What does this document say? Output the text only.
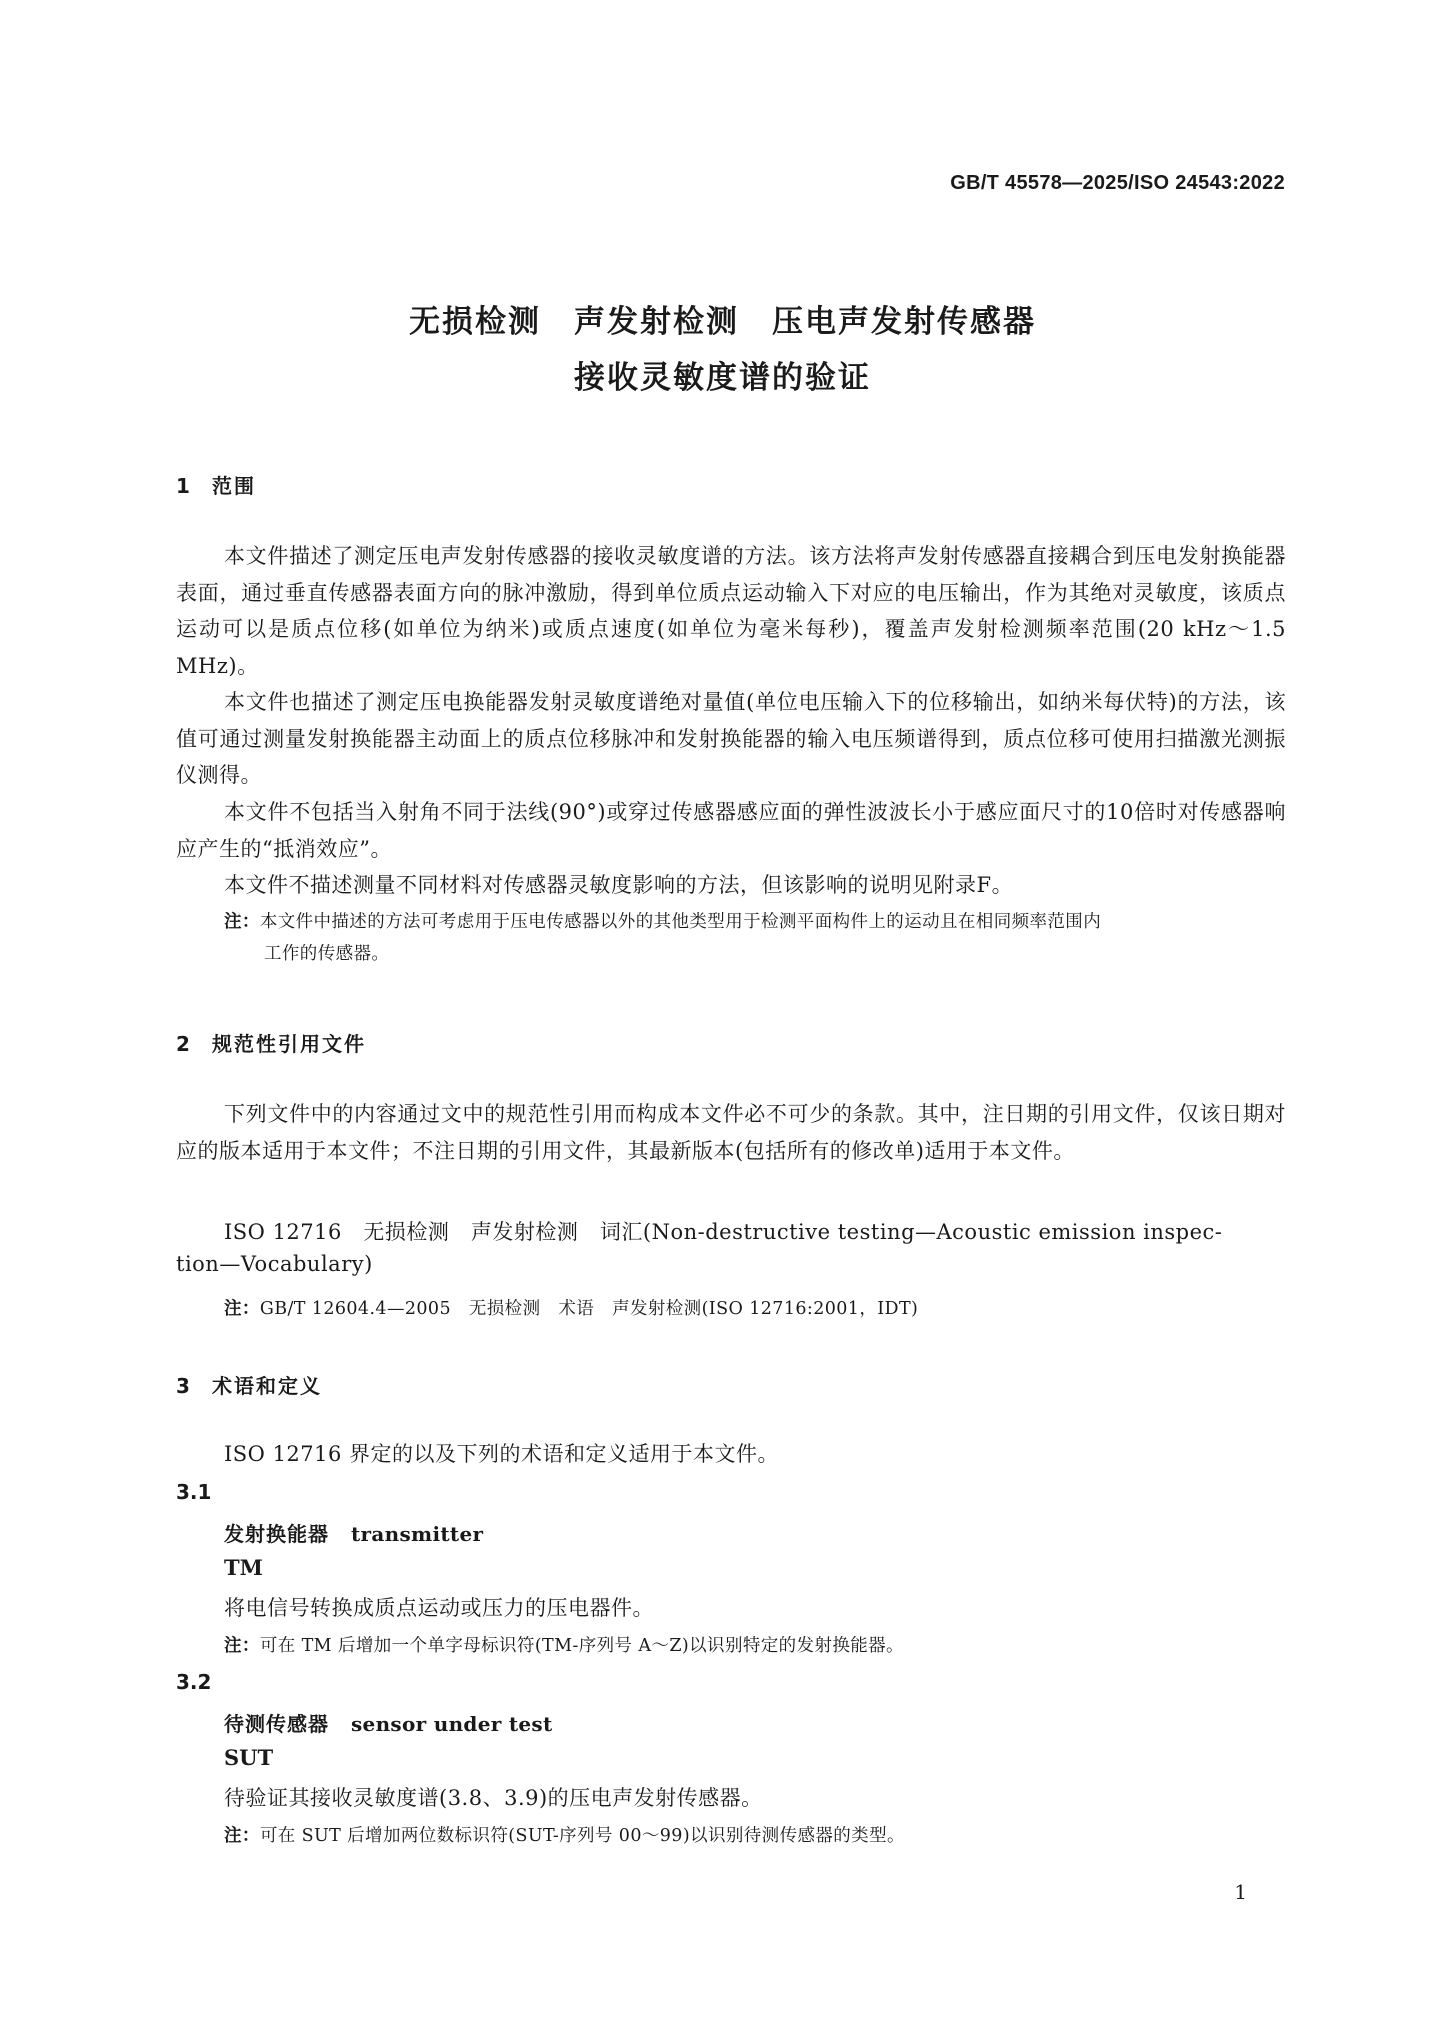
GB/T 45578—2025/ISO 24543:2022
无损检测　声发射检测　压电声发射传感器
接收灵敏度谱的验证
1 范围
本文件描述了测定压电声发射传感器的接收灵敏度谱的方法。该方法将声发射传感器直接耦合到压电发射换能器表面，通过垂直传感器表面方向的脉冲激励，得到单位质点运动输入下对应的电压输出，作为其绝对灵敏度，该质点运动可以是质点位移(如单位为纳米)或质点速度(如单位为毫米每秒)，覆盖声发射检测频率范围(20 kHz～1.5 MHz)。
本文件也描述了测定压电换能器发射灵敏度谱绝对量值(单位电压输入下的位移输出，如纳米每伏特)的方法，该值可通过测量发射换能器主动面上的质点位移脉冲和发射换能器的输入电压频谱得到，质点位移可使用扫描激光测振仪测得。
本文件不包括当入射角不同于法线(90°)或穿过传感器感应面的弹性波波长小于感应面尺寸的10倍时对传感器响应产生的“抵消效应”。
本文件不描述测量不同材料对传感器灵敏度影响的方法，但该影响的说明见附录F。
注：本文件中描述的方法可考虑用于压电传感器以外的其他类型用于检测平面构件上的运动且在相同频率范围内
工作的传感器。
2 规范性引用文件
下列文件中的内容通过文中的规范性引用而构成本文件必不可少的条款。其中，注日期的引用文件，仅该日期对应的版本适用于本文件；不注日期的引用文件，其最新版本(包括所有的修改单)适用于本文件。
ISO 12716　无损检测　声发射检测　词汇(Non-destructive testing—Acoustic emission inspec-
tion—Vocabulary)
注：GB/T 12604.4—2005　无损检测　术语　声发射检测(ISO 12716:2001，IDT)
3 术语和定义
ISO 12716 界定的以及下列的术语和定义适用于本文件。
3.1
发射换能器 transmitter
TM
将电信号转换成质点运动或压力的压电器件。
注：可在 TM 后增加一个单字母标识符(TM-序列号 A～Z)以识别特定的发射换能器。
3.2
待测传感器 sensor under test
SUT
待验证其接收灵敏度谱(3.8、3.9)的压电声发射传感器。
注：可在 SUT 后增加两位数标识符(SUT-序列号 00～99)以识别待测传感器的类型。
1
